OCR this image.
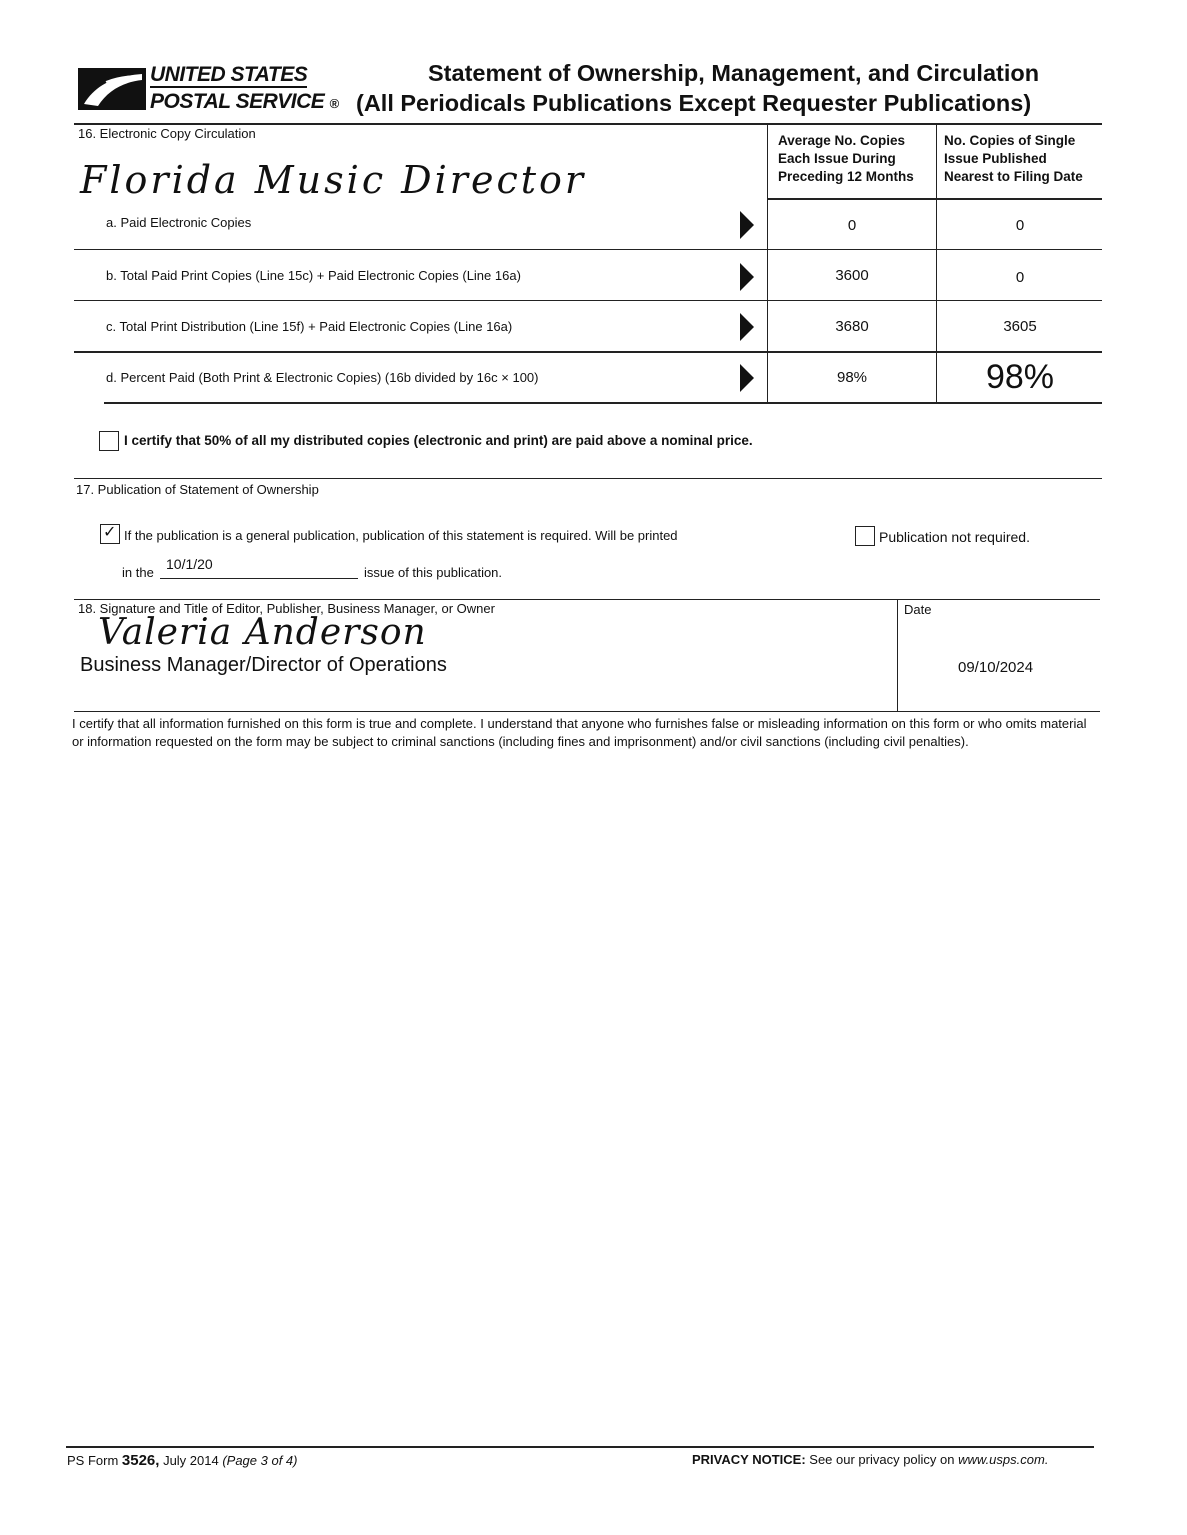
UNITED STATES
POSTAL SERVICE ®
Statement of Ownership, Management, and Circulation
(All Periodicals Publications Except Requester Publications)
16. Electronic Copy Circulation
Florida Music Director
Average No. Copies
Each Issue During
Preceding 12 Months
No. Copies of Single
Issue Published
Nearest to Filing Date
a. Paid Electronic Copies	0	0
b. Total Paid Print Copies (Line 15c) + Paid Electronic Copies (Line 16a)	3600	0
c. Total Print Distribution (Line 15f) + Paid Electronic Copies (Line 16a)	3680	3605
d. Percent Paid (Both Print & Electronic Copies) (16b divided by 16c × 100)	98%	98%
I certify that 50% of all my distributed copies (electronic and print) are paid above a nominal price.
17. Publication of Statement of Ownership
✓ If the publication is a general publication, publication of this statement is required. Will be printed	Publication not required.
in the
10/1/20
issue of this publication.
18. Signature and Title of Editor, Publisher, Business Manager, or Owner	Date
Valeria Anderson
Business Manager/Director of Operations	09/10/2024
I certify that all information furnished on this form is true and complete. I understand that anyone who furnishes false or misleading information on this form or who omits material or information requested on the form may be subject to criminal sanctions (including fines and imprisonment) and/or civil sanctions (including civil penalties).
PS Form 3526, July 2014 (Page 3 of 4)	PRIVACY NOTICE: See our privacy policy on www.usps.com.
